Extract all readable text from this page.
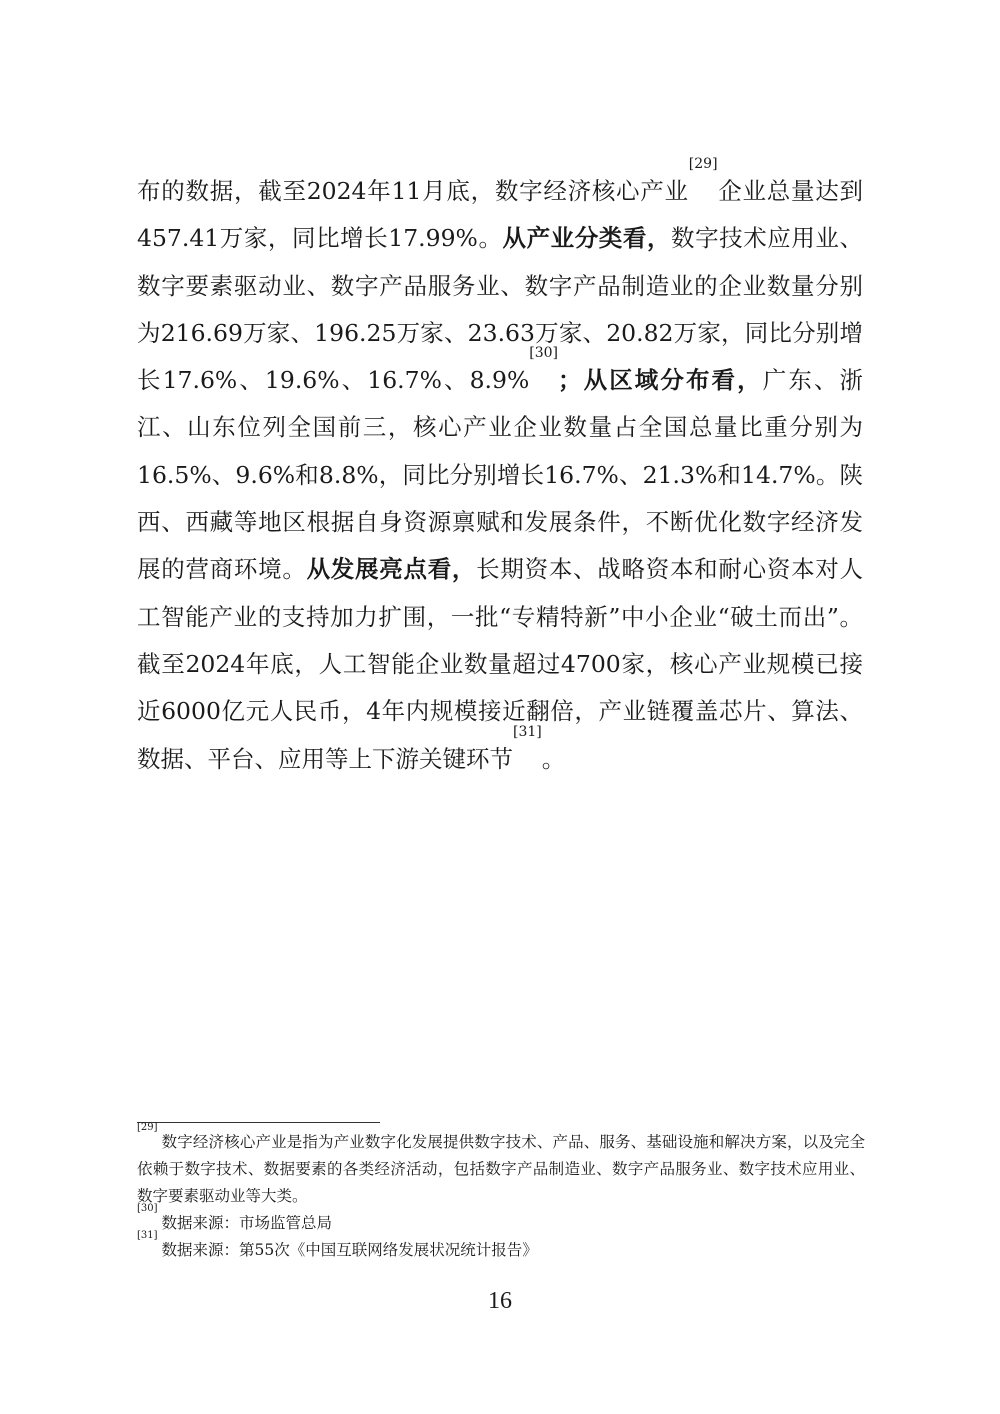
布的数据，截至2024年11月底，数字经济核心产业[29]企业总量达到457.41万家，同比增长17.99%。从产业分类看，数字技术应用业、数字要素驱动业、数字产品服务业、数字产品制造业的企业数量分别为216.69万家、196.25万家、23.63万家、20.82万家，同比分别增长17.6%、19.6%、16.7%、8.9%[30]；从区域分布看，广东、浙江、山东位列全国前三，核心产业企业数量占全国总量比重分别为16.5%、9.6%和8.8%，同比分别增长16.7%、21.3%和14.7%。陕西、西藏等地区根据自身资源禀赋和发展条件，不断优化数字经济发展的营商环境。从发展亮点看，长期资本、战略资本和耐心资本对人工智能产业的支持加力扩围，一批“专精特新”中小企业“破土而出”。截至2024年底，人工智能企业数量超过4700家，核心产业规模已接近6000亿元人民币，4年内规模接近翻倍，产业链覆盖芯片、算法、数据、平台、应用等上下游关键环节[31]。

[29]数字经济核心产业是指为产业数字化发展提供数字技术、产品、服务、基础设施和解决方案，以及完全依赖于数字技术、数据要素的各类经济活动，包括数字产品制造业、数字产品服务业、数字技术应用业、数字要素驱动业等大类。

[30]数据来源：市场监管总局

[31]数据来源：第55次《中国互联网络发展状况统计报告》

16
